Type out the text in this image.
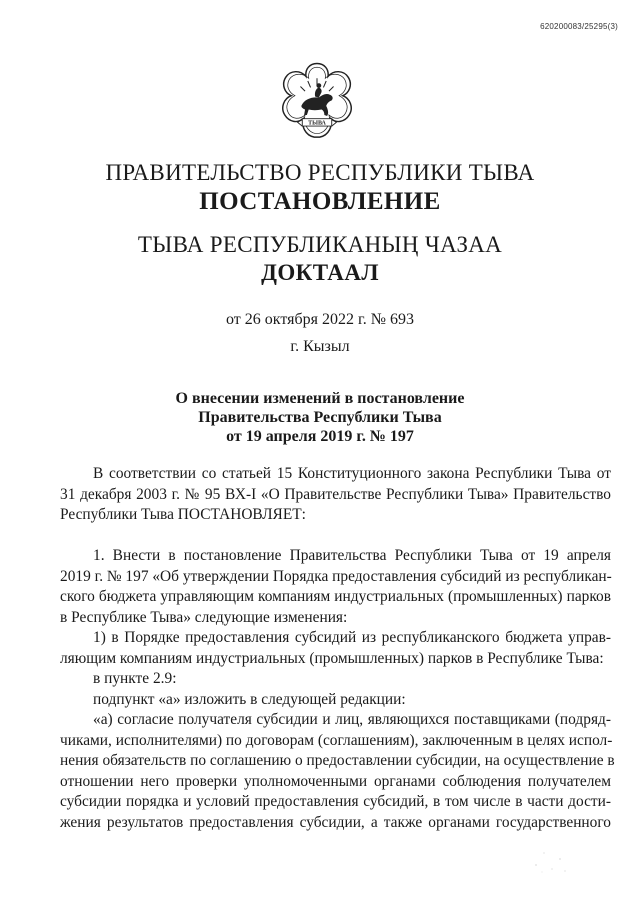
620200083/25295(3)
ТЫВА
ПРАВИТЕЛЬСТВО РЕСПУБЛИКИ ТЫВА
ПОСТАНОВЛЕНИЕ
ТЫВА РЕСПУБЛИКАНЫҢ ЧАЗАА
ДОКТААЛ
от 26 октября 2022 г. № 693
г. Кызыл
О внесении изменений в постановление
Правительства Республики Тыва
от 19 апреля 2019 г. № 197
В соответствии со статьей 15 Конституционного закона Республики Тыва от
31 декабря 2003 г. № 95 ВХ-I «О Правительстве Республики Тыва» Правительство
Республики Тыва ПОСТАНОВЛЯЕТ:
1. Внести в постановление Правительства Республики Тыва от 19 апреля
2019 г. № 197 «Об утверждении Порядка предоставления субсидий из республикан-
ского бюджета управляющим компаниям индустриальных (промышленных) парков
в Республике Тыва» следующие изменения:
1) в Порядке предоставления субсидий из республиканского бюджета управ-
ляющим компаниям индустриальных (промышленных) парков в Республике Тыва:
в пункте 2.9:
подпункт «а» изложить в следующей редакции:
«а) согласие получателя субсидии и лиц, являющихся поставщиками (подряд-
чиками, исполнителями) по договорам (соглашениям), заключенным в целях испол-
нения обязательств по соглашению о предоставлении субсидии, на осуществление в
отношении него проверки уполномоченными органами соблюдения получателем
субсидии порядка и условий предоставления субсидий, в том числе в части дости-
жения результатов предоставления субсидии, а также органами государственного
